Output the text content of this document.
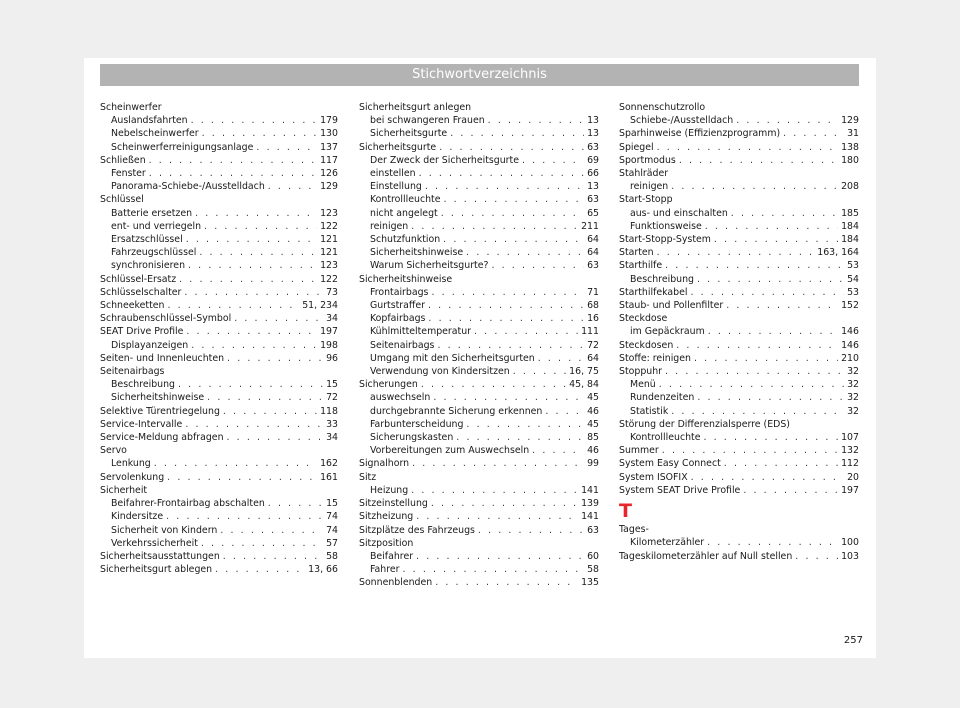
Stichwortverzeichnis
Scheinwerfer
Auslandsfahrten . . .	179
Nebelscheinwerfer . . .	130
Scheinwerferreinigungsanlage . . .	137
Schließen . . .	117
Fenster . . .	126
Panorama-Schiebe-/Ausstelldach . . .	129
Schlüssel
Batterie ersetzen . . .	123
ent- und verriegeln . . .	122
Ersatzschlüssel . . .	121
Fahrzeugschlüssel . . .	121
synchronisieren . . .	123
Schlüssel-Ersatz . . .	122
Schlüsselschalter . . .	73
Schneeketten . . .	51, 234
Schraubenschlüssel-Symbol . . .	34
SEAT Drive Profile . . .	197
Displayanzeigen . . .	198
Seiten- und Innenleuchten . . .	96
Seitenairbags
Beschreibung . . .	15
Sicherheitshinweise . . .	72
Selektive Türentriegelung . . .	118
Service-Intervalle . . .	33
Service-Meldung abfragen . . .	34
Servo
Lenkung . . .	162
Servolenkung . . .	161
Sicherheit
Beifahrer-Frontairbag abschalten . . .	15
Kindersitze . . .	74
Sicherheit von Kindern . . .	74
Verkehrssicherheit . . .	57
Sicherheitsausstattungen . . .	58
Sicherheitsgurt ablegen . . .	13, 66
Sicherheitsgurt anlegen
bei schwangeren Frauen . . .	13
Sicherheitsgurte . . .	13
Sicherheitsgurte . . .	63
Der Zweck der Sicherheitsgurte . . .	69
einstellen . . .	66
Einstellung . . .	13
Kontrollleuchte . . .	63
nicht angelegt . . .	65
reinigen . . .	211
Schutzfunktion . . .	64
Sicherheitshinweise . . .	64
Warum Sicherheitsgurte? . . .	63
Sicherheitshinweise
Frontairbags . . .	71
Gurtstraffer . . .	68
Kopfairbags . . .	16
Kühlmitteltemperatur . . .	111
Seitenairbags . . .	72
Umgang mit den Sicherheitsgurten . . .	64
Verwendung von Kindersitzen . . .	16, 75
Sicherungen . . .	45, 84
auswechseln . . .	45
durchgebrannte Sicherung erkennen . . .	46
Farbunterscheidung . . .	45
Sicherungskasten . . .	85
Vorbereitungen zum Auswechseln . . .	46
Signalhorn . . .	99
Sitz
Heizung . . .	141
Sitzeinstellung . . .	139
Sitzheizung . . .	141
Sitzplätze des Fahrzeugs . . .	63
Sitzposition
Beifahrer . . .	60
Fahrer . . .	58
Sonnenblenden . . .	135
Sonnenschutzrollo
Schiebe-/Ausstelldach . . .	129
Sparhinweise (Effizienzprogramm) . . .	31
Spiegel . . .	138
Sportmodus . . .	180
Stahlräder
reinigen . . .	208
Start-Stopp
aus- und einschalten . . .	185
Funktionsweise . . .	184
Start-Stopp-System . . .	184
Starten . . .	163, 164
Starthilfe . . .	53
Beschreibung . . .	54
Starthilfekabel . . .	53
Staub- und Pollenfilter . . .	152
Steckdose
im Gepäckraum . . .	146
Steckdosen . . .	146
Stoffe: reinigen . . .	210
Stoppuhr . . .	32
Menü . . .	32
Rundenzeiten . . .	32
Statistik . . .	32
Störung der Differenzialsperre (EDS)
Kontrollleuchte . . .	107
Summer . . .	132
System Easy Connect . . .	112
System ISOFIX . . .	20
System SEAT Drive Profile . . .	197
T
Tages-
Kilometerzähler . . .	100
Tageskilometerzähler auf Null stellen . . .	103
257
